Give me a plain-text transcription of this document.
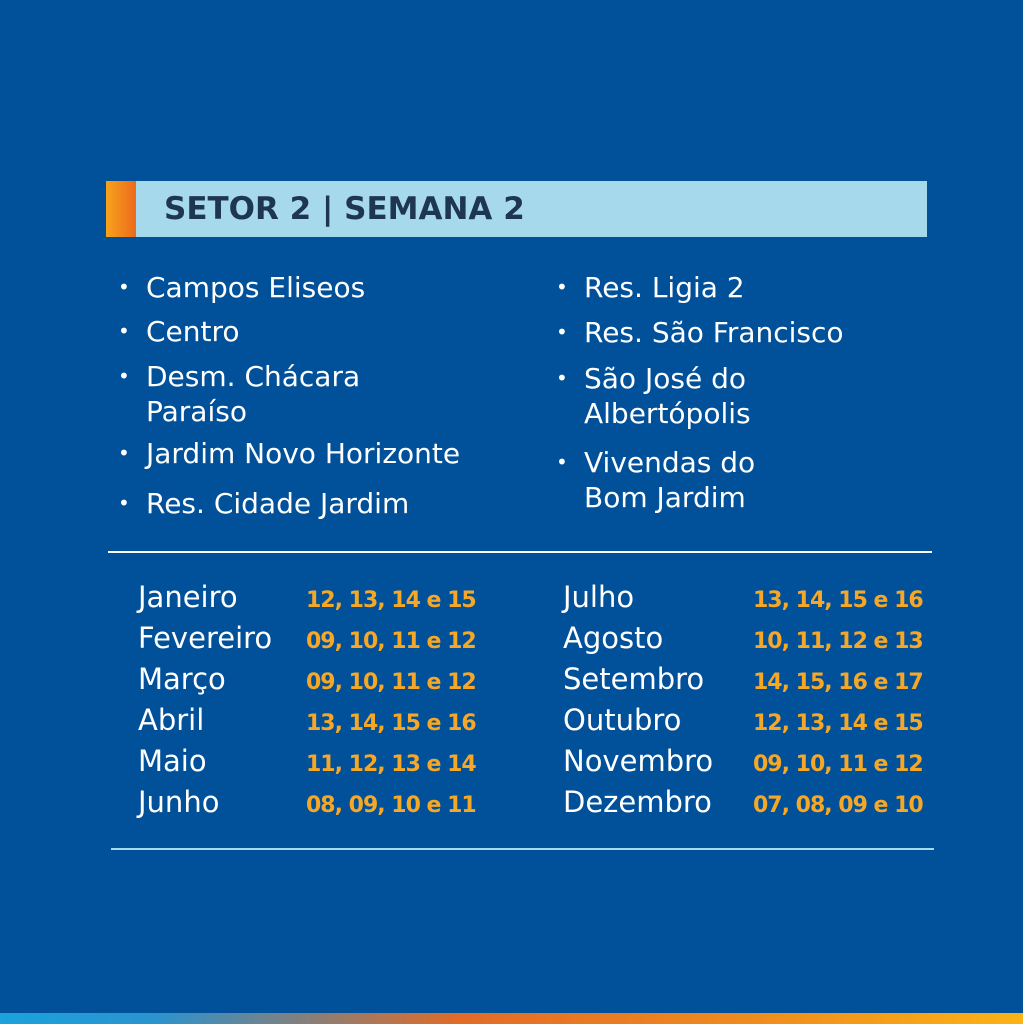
SETOR 2 | SEMANA 2
• Campos Eliseos
• Centro
• Desm. Chácara
Paraíso
• Jardim Novo Horizonte
• Res. Cidade Jardim
• Res. Ligia 2
• Res. São Francisco
• São José do
Albertópolis
• Vivendas do
Bom Jardim
Janeiro	12, 13, 14 e 15
Fevereiro 09, 10, 11 e 12
Março	09, 10, 11 e 12
Abril	13, 14, 15 e 16
Maio	11, 12, 13 e 14
Junho	08, 09, 10 e 11
Julho	13, 14, 15 e 16
Agosto	10, 11, 12 e 13
Setembro 14, 15, 16 e 17
Outubro	12, 13, 14 e 15
Novembro 09, 10, 11 e 12
Dezembro 07, 08, 09 e 10
